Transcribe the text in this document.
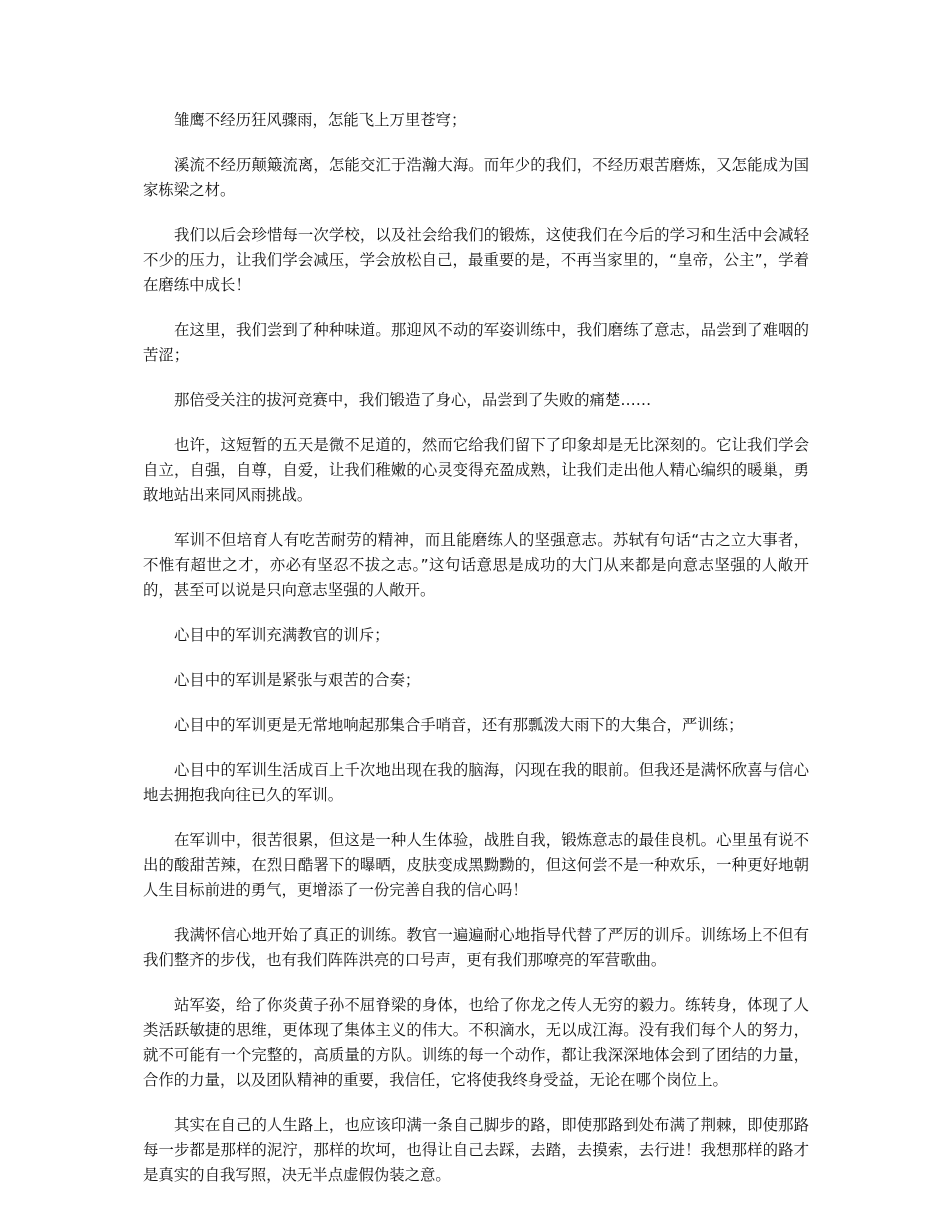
雏鹰不经历狂风骤雨，怎能飞上万里苍穹；

溪流不经历颠簸流离，怎能交汇于浩瀚大海。而年少的我们，不经历艰苦磨炼，又怎能成为国家栋梁之材。

我们以后会珍惜每一次学校，以及社会给我们的锻炼，这使我们在今后的学习和生活中会减轻不少的压力，让我们学会减压，学会放松自己，最重要的是，不再当家里的，“皇帝，公主”，学着在磨练中成长！

在这里，我们尝到了种种味道。那迎风不动的军姿训练中，我们磨练了意志，品尝到了难咽的苦涩；

那倍受关注的拔河竞赛中，我们锻造了身心，品尝到了失败的痛楚……

也许，这短暂的五天是微不足道的，然而它给我们留下了印象却是无比深刻的。它让我们学会自立，自强，自尊，自爱，让我们稚嫩的心灵变得充盈成熟，让我们走出他人精心编织的暖巢，勇敢地站出来同风雨挑战。

军训不但培育人有吃苦耐劳的精神，而且能磨练人的坚强意志。苏轼有句话“古之立大事者，不惟有超世之才，亦必有坚忍不拔之志。”这句话意思是成功的大门从来都是向意志坚强的人敞开的，甚至可以说是只向意志坚强的人敞开。

心目中的军训充满教官的训斥；

心目中的军训是紧张与艰苦的合奏；

心目中的军训更是无常地响起那集合手哨音，还有那瓢泼大雨下的大集合，严训练；

心目中的军训生活成百上千次地出现在我的脑海，闪现在我的眼前。但我还是满怀欣喜与信心地去拥抱我向往已久的军训。

在军训中，很苦很累，但这是一种人生体验，战胜自我，锻炼意志的最佳良机。心里虽有说不出的酸甜苦辣，在烈日酷署下的曝晒，皮肤变成黑黝黝的，但这何尝不是一种欢乐，一种更好地朝人生目标前进的勇气，更增添了一份完善自我的信心吗！

我满怀信心地开始了真正的训练。教官一遍遍耐心地指导代替了严厉的训斥。训练场上不但有我们整齐的步伐，也有我们阵阵洪亮的口号声，更有我们那嘹亮的军营歌曲。

站军姿，给了你炎黄子孙不屈脊梁的身体，也给了你龙之传人无穷的毅力。练转身，体现了人类活跃敏捷的思维，更体现了集体主义的伟大。不积滴水，无以成江海。没有我们每个人的努力，就不可能有一个完整的，高质量的方队。训练的每一个动作，都让我深深地体会到了团结的力量，合作的力量，以及团队精神的重要，我信任，它将使我终身受益，无论在哪个岗位上。

其实在自己的人生路上，也应该印满一条自己脚步的路，即使那路到处布满了荆棘，即使那路每一步都是那样的泥泞，那样的坎坷，也得让自己去踩，去踏，去摸索，去行进！我想那样的路才是真实的自我写照，决无半点虚假伪装之意。
